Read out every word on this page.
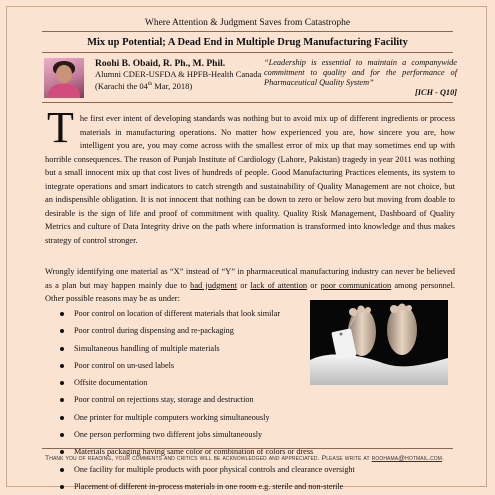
Where Attention & Judgment Saves from Catastrophe
Mix up Potential; A Dead End in Multiple Drug Manufacturing Facility
Roohi B. Obaid, R. Ph., M. Phil.
Alumni CDER-USFDA & HPFB-Health Canada
(Karachi the 04th Mar, 2018)
“Leadership is essential to maintain a companywide commitment to quality and for the performance of Pharmaceutical Quality System”
[ICH - Q10]

The first ever intent of developing standards was nothing but to avoid mix up of different ingredients or process materials in manufacturing operations. No matter how experienced you are, how sincere you are, how intelligent you are, you may come across with the smallest error of mix up that may sometimes end up with horrible consequences. The reason of Punjab Institute of Cardiology (Lahore, Pakistan) tragedy in year 2011 was nothing but a small innocent mix up that cost lives of hundreds of people. Good Manufacturing Practices elements, its system to integrate operations and smart indicators to catch strength and sustainability of Quality Management are not choice, but an indispensible obligation. It is not innocent that nothing can be down to zero or below zero but moving from doable to desirable is the sign of life and proof of commitment with quality. Quality Risk Management, Dashboard of Quality Metrics and culture of Data Integrity drive on the path where information is transformed into knowledge and thus makes strategy of control stronger.

Wrongly identifying one material as “X” instead of “Y” in pharmaceutical manufacturing industry can never be believed as a plan but may happen mainly due to bad judgment or lack of attention or poor communication among personnel. Other possible reasons may be as under:

Poor control on location of different materials that look similar
Poor control during dispensing and re-packaging
Simultaneous handling of multiple materials
Poor control on un-used labels
Offsite documentation
Poor control on rejections stay, storage and destruction
One printer for multiple computers working simultaneously
One person performing two different jobs simultaneously
Materials packaging having same color or combination of colors or dress
One facility for multiple products with poor physical controls and clearance oversight
Placement of different in-process materials in one room e.g. sterile and non-sterile
Thank you of reading, your comments and critics will be acknowledged and appreciated. Please write at roohama@hotmail.com.
